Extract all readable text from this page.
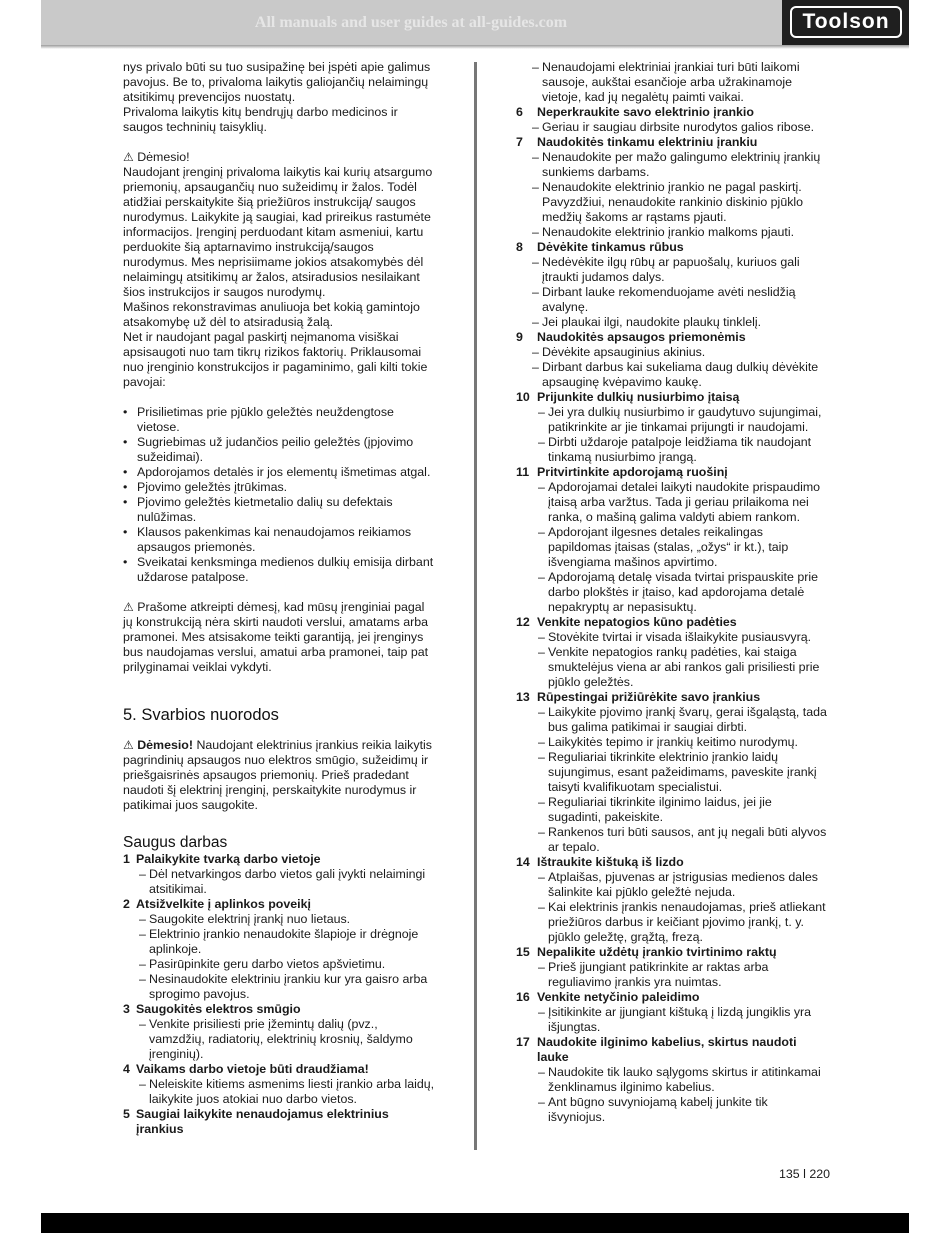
All manuals and user guides at all-guides.com	Toolson

nys privalo būti su tuo susipažinę bei įspėti apie galimus pavojus. Be to, privaloma laikytis galiojančių nelaimingų atsitikimų prevencijos nuostatų.

Privaloma laikytis kitų bendrųjų darbo medicinos ir saugos techninių taisyklių.

⚠ Dėmesio!

Naudojant įrenginį privaloma laikytis kai kurių atsargumo priemonių, apsaugančių nuo sužeidimų ir žalos. Todėl atidžiai perskaitykite šią priežiūros instrukciją/ saugos nurodymus. Laikykite ją saugiai, kad prireikus rastumėte informacijos. Įrenginį perduodant kitam asmeniui, kartu perduokite šią aptarnavimo instrukciją/saugos nurodymus. Mes neprisiimame jokios atsakomybės dėl nelaimingų atsitikimų ar žalos, atsiradusios nesilaikant šios instrukcijos ir saugos nurodymų.

Mašinos rekonstravimas anuliuoja bet kokią gamintojo atsakomybę už dėl to atsiradusią žalą.

Net ir naudojant pagal paskirtį neįmanoma visiškai apsisaugoti nuo tam tikrų rizikos faktorių. Priklausomai nuo įrenginio konstrukcijos ir pagaminimo, gali kilti tokie pavojai:

• Prisilietimas prie pjūklo geležtės neuždengtose vietose.
• Sugriebimas už judančios peilio geležtės (įpjovimo sužeidimai).
• Apdorojamos detalės ir jos elementų išmetimas atgal.
• Pjovimo geležtės įtrūkimas.
• Pjovimo geležtės kietmetalio dalių su defektais nulūžimas.
• Klausos pakenkimas kai nenaudojamos reikiamos apsaugos priemonės.
• Sveikatai kenksminga medienos dulkių emisija dirbant uždarose patalpose.

⚠ Prašome atkreipti dėmesį, kad mūsų įrenginiai pagal jų konstrukciją nėra skirti naudoti verslui, amatams arba pramonei. Mes atsisakome teikti garantiją, jei įrenginys bus naudojamas verslui, amatui arba pramonei, taip pat prilyginamai veiklai vykdyti.

5. Svarbios nuorodos

⚠ Dėmesio! Naudojant elektrinius įrankius reikia laikytis pagrindinių apsaugos nuo elektros smūgio, sužeidimų ir priešgaisrinės apsaugos priemonių. Prieš pradedant naudoti šį elektrinį įrenginį, perskaitykite nurodymus ir patikimai juos saugokite.

Saugus darbas
1 Palaikykite tvarką darbo vietoje
– Dėl netvarkingos darbo vietos gali įvykti nelaimingi atsitikimai.
2 Atsižvelkite į aplinkos poveikį
– Saugokite elektrinį įrankį nuo lietaus.
– Elektrinio įrankio nenaudokite šlapioje ir drėgnoje aplinkoje.
– Pasirūpinkite geru darbo vietos apšvietimu.
– Nesinaudokite elektriniu įrankiu kur yra gaisro arba sprogimo pavojus.
3 Saugokitės elektros smūgio
– Venkite prisiliesti prie įžemintų dalių (pvz., vamzdžių, radiatorių, elektrinių krosnių, šaldymo įrenginių).
4 Vaikams darbo vietoje būti draudžiama!
– Neleiskite kitiems asmenims liesti įrankio arba laidų, laikykite juos atokiai nuo darbo vietos.
5 Saugiai laikykite nenaudojamus elektrinius įrankius
– Nenaudojami elektriniai įrankiai turi būti laikomi sausoje, aukštai esančioje arba užrakinamoje vietoje, kad jų negalėtų paimti vaikai.
6	Neperkraukite savo elektrinio įrankio
– Geriau ir saugiau dirbsite nurodytos galios ribose.
7	Naudokitės tinkamu elektriniu įrankiu
– Nenaudokite per mažo galingumo elektrinių įrankių sunkiems darbams.
– Nenaudokite elektrinio įrankio ne pagal paskirtį. Pavyzdžiui, nenaudokite rankinio diskinio pjūklo medžių šakoms ar rąstams pjauti.
– Nenaudokite elektrinio įrankio malkoms pjauti.
8	Dėvėkite tinkamus rūbus
– Nedėvėkite ilgų rūbų ar papuošalų, kuriuos gali įtraukti judamos dalys.
– Dirbant lauke rekomenduojame avėti neslidžią avalynę.
– Jei plaukai ilgi, naudokite plaukų tinklelį.
9	Naudokitės apsaugos priemonėmis
– Dėvėkite apsauginius akinius.
– Dirbant darbus kai sukeliama daug dulkių dėvėkite apsauginę kvėpavimo kaukę.
10 Prijunkite dulkių nusiurbimo įtaisą
– Jei yra dulkių nusiurbimo ir gaudytuvo sujungimai, patikrinkite ar jie tinkamai prijungti ir naudojami.
– Dirbti uždaroje patalpoje leidžiama tik naudojant tinkamą nusiurbimo įrangą.
11 Pritvirtinkite apdorojamą ruošinį
– Apdorojamai detalei laikyti naudokite prispaudimo įtaisą arba varžtus. Tada ji geriau prilaikoma nei ranka, o mašiną galima valdyti abiem rankom.
– Apdorojant ilgesnes detales reikalingas papildomas įtaisas (stalas, „ožys“ ir kt.), taip išvengiama mašinos apvirtimo.
– Apdorojamą detalę visada tvirtai prispauskite prie darbo plokštės ir įtaiso, kad apdorojama detalė nepakryptų ar nepasisuktų.
12 Venkite nepatogios kūno padėties
– Stovėkite tvirtai ir visada išlaikykite pusiausvyrą.
– Venkite nepatogios rankų padėties, kai staiga smuktelėjus viena ar abi rankos gali prisiliesti prie pjūklo geležtės.
13 Rūpestingai prižiūrėkite savo įrankius
– Laikykite pjovimo įrankį švarų, gerai išgaląstą, tada bus galima patikimai ir saugiai dirbti.
– Laikykitės tepimo ir įrankių keitimo nurodymų.
– Reguliariai tikrinkite elektrinio įrankio laidų sujungimus, esant pažeidimams, paveskite įrankį taisyti kvalifikuotam specialistui.
– Reguliariai tikrinkite ilginimo laidus, jei jie sugadinti, pakeiskite.
– Rankenos turi būti sausos, ant jų negali būti alyvos ar tepalo.
14 Ištraukite kištuką iš lizdo
– Atplaišas, pjuvenas ar įstrigusias medienos dales šalinkite kai pjūklo geležtė nejuda.
– Kai elektrinis įrankis nenaudojamas, prieš atliekant priežiūros darbus ir keičiant pjovimo įrankį, t. y. pjūklo geležtę, grąžtą, frezą.
15 Nepalikite uždėtų įrankio tvirtinimo raktų
– Prieš įjungiant patikrinkite ar raktas arba reguliavimo įrankis yra nuimtas.
16 Venkite netyčinio paleidimo
– Įsitikinkite ar įjungiant kištuką į lizdą jungiklis yra išjungtas.
17 Naudokite ilginimo kabelius, skirtus naudoti lauke
– Naudokite tik lauko sąlygoms skirtus ir atitinkamai ženklinamus ilginimo kabelius.
– Ant būgno suvyniojamą kabelį junkite tik išvyniojus.
135 l 220
